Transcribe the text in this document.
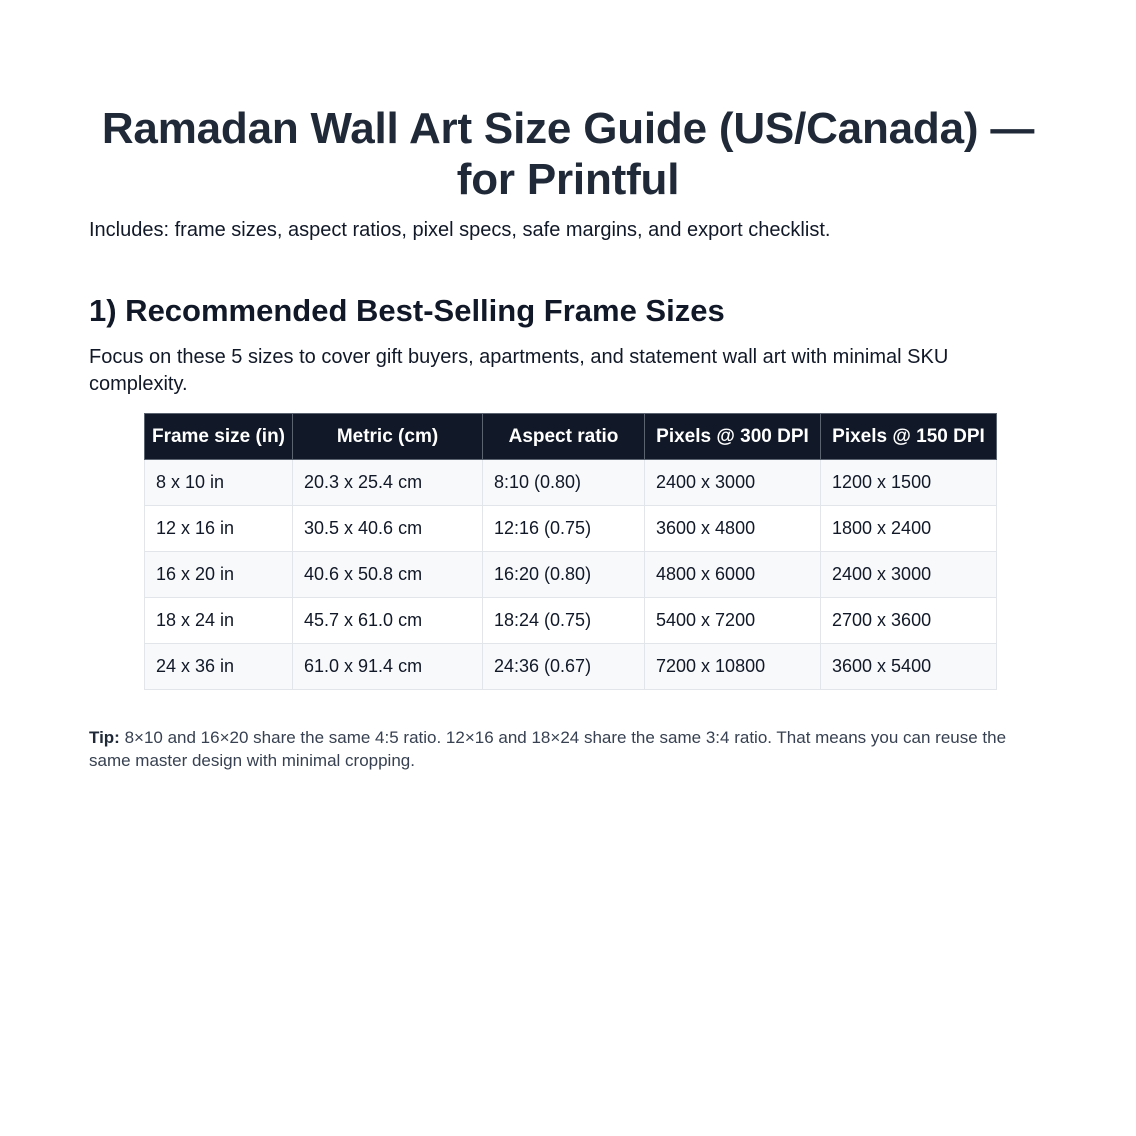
Ramadan Wall Art Size Guide (US/Canada) — for Printful

Includes: frame sizes, aspect ratios, pixel specs, safe margins, and export checklist.

1) Recommended Best-Selling Frame Sizes

Focus on these 5 sizes to cover gift buyers, apartments, and statement wall art with minimal SKU complexity.

Frame size (in)	Metric (cm)	Aspect ratio	Pixels @ 300 DPI	Pixels @ 150 DPI
8 x 10 in	20.3 x 25.4 cm	8:10 (0.80)	2400 x 3000	1200 x 1500
12 x 16 in	30.5 x 40.6 cm	12:16 (0.75)	3600 x 4800	1800 x 2400
16 x 20 in	40.6 x 50.8 cm	16:20 (0.80)	4800 x 6000	2400 x 3000
18 x 24 in	45.7 x 61.0 cm	18:24 (0.75)	5400 x 7200	2700 x 3600
24 x 36 in	61.0 x 91.4 cm	24:36 (0.67)	7200 x 10800	3600 x 5400

Tip: 8×10 and 16×20 share the same 4:5 ratio. 12×16 and 18×24 share the same 3:4 ratio. That means you can reuse the same master design with minimal cropping.
